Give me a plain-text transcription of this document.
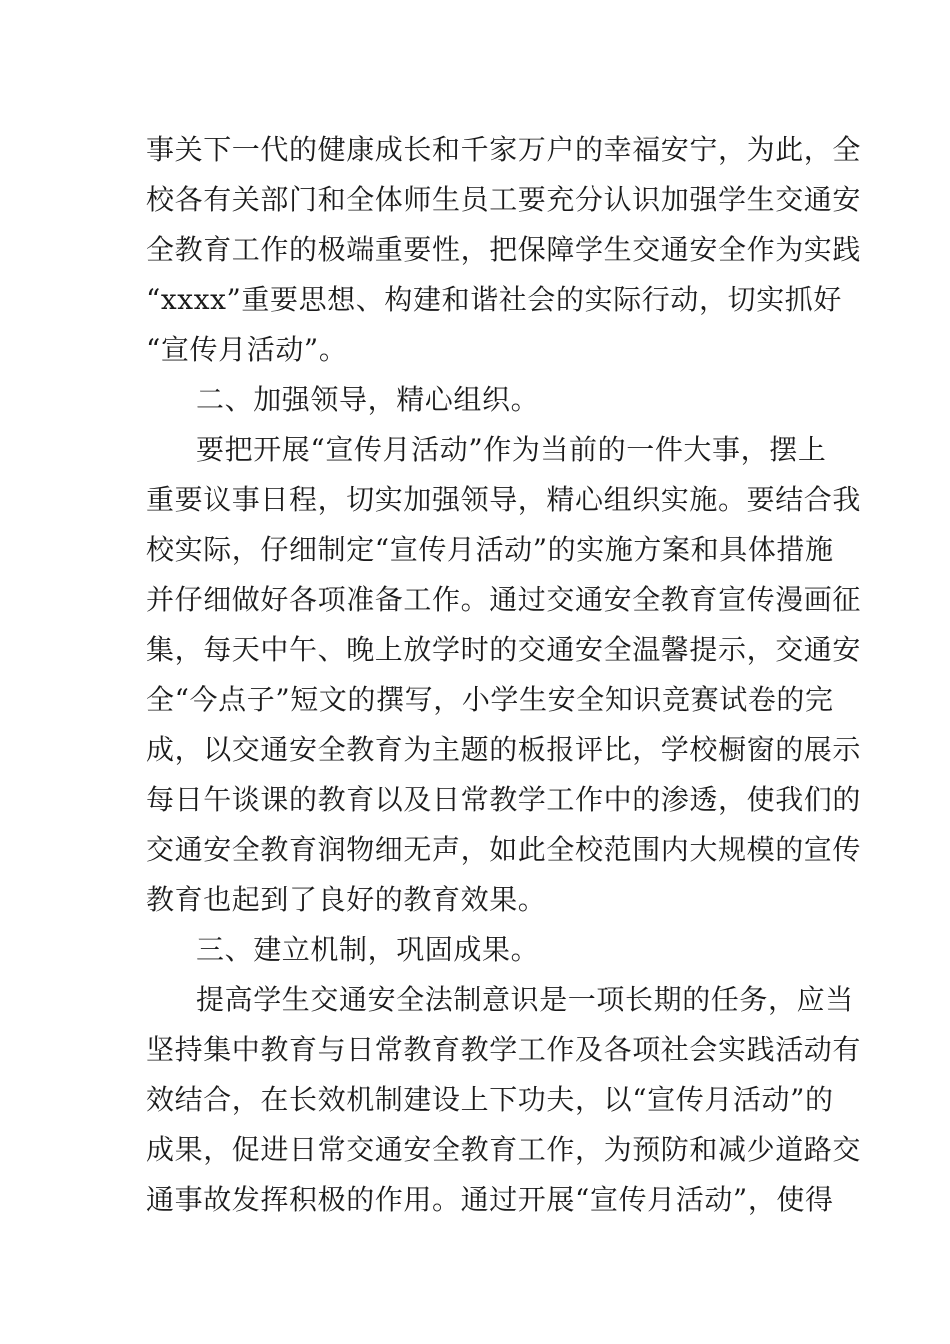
事关下一代的健康成长和千家万户的幸福安宁，为此，全
校各有关部门和全体师生员工要充分认识加强学生交通安
全教育工作的极端重要性，把保障学生交通安全作为实践
“xxxx”重要思想、构建和谐社会的实际行动，切实抓好
“宣传月活动”。
二、加强领导，精心组织。
要把开展“宣传月活动”作为当前的一件大事，摆上
重要议事日程，切实加强领导，精心组织实施。要结合我
校实际，仔细制定“宣传月活动”的实施方案和具体措施
并仔细做好各项准备工作。通过交通安全教育宣传漫画征
集，每天中午、晚上放学时的交通安全温馨提示，交通安
全“今点子”短文的撰写，小学生安全知识竞赛试卷的完
成，以交通安全教育为主题的板报评比，学校橱窗的展示
每日午谈课的教育以及日常教学工作中的渗透，使我们的
交通安全教育润物细无声，如此全校范围内大规模的宣传
教育也起到了良好的教育效果。
三、建立机制，巩固成果。
提高学生交通安全法制意识是一项长期的任务，应当
坚持集中教育与日常教育教学工作及各项社会实践活动有
效结合，在长效机制建设上下功夫，以“宣传月活动”的
成果，促进日常交通安全教育工作，为预防和减少道路交
通事故发挥积极的作用。通过开展“宣传月活动”，使得
